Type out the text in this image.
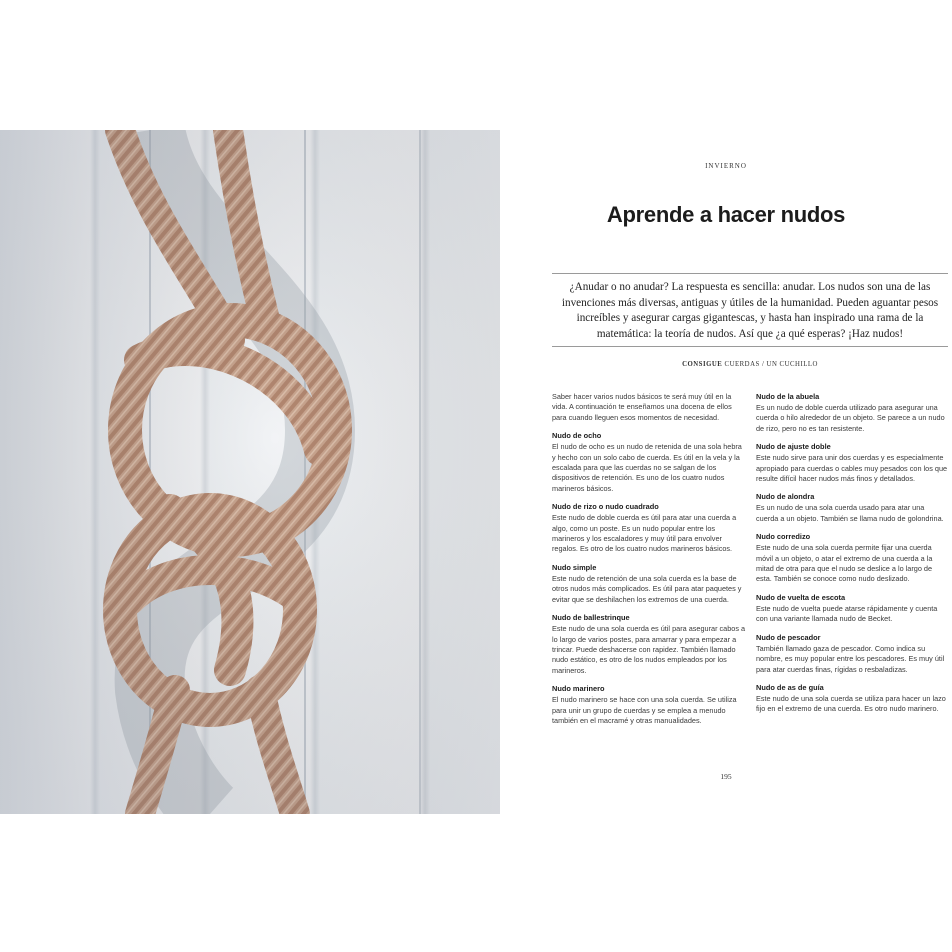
INVIERNO
Aprende a hacer nudos

¿Anudar o no anudar? La respuesta es sencilla: anudar. Los nudos son una de las invenciones más diversas, antiguas y útiles de la humanidad. Pueden aguantar pesos increíbles y asegurar cargas gigantescas, y hasta han inspirado una rama de la matemática: la teoría de nudos. Así que ¿a qué esperas? ¡Haz nudos!

CONSIGUE CUERDAS / UN CUCHILLO

Saber hacer varios nudos básicos te será muy útil en la vida. A continuación te enseñamos una docena de ellos para cuando lleguen esos momentos de necesidad.

Nudo de ocho

El nudo de ocho es un nudo de retenida de una sola hebra y hecho con un solo cabo de cuerda. Es útil en la vela y la escalada para que las cuerdas no se salgan de los dispositivos de retención. Es uno de los cuatro nudos marineros básicos.

Nudo de rizo o nudo cuadrado

Este nudo de doble cuerda es útil para atar una cuerda a algo, como un poste. Es un nudo popular entre los marineros y los escaladores y muy útil para envolver regalos. Es otro de los cuatro nudos marineros básicos.

Nudo simple

Este nudo de retención de una sola cuerda es la base de otros nudos más complicados. Es útil para atar paquetes y evitar que se deshilachen los extremos de una cuerda.

Nudo de ballestrinque

Este nudo de una sola cuerda es útil para asegurar cabos a lo largo de varios postes, para amarrar y para empezar a trincar. Puede deshacerse con rapidez. También llamado nudo estático, es otro de los nudos empleados por los marineros.

Nudo marinero

El nudo marinero se hace con una sola cuerda. Se utiliza para unir un grupo de cuerdas y se emplea a menudo también en el macramé y otras manualidades.

Nudo de la abuela

Es un nudo de doble cuerda utilizado para asegurar una cuerda o hilo alrededor de un objeto. Se parece a un nudo de rizo, pero no es tan resistente.

Nudo de ajuste doble

Este nudo sirve para unir dos cuerdas y es especialmente apropiado para cuerdas o cables muy pesados con los que resulte difícil hacer nudos más finos y detallados.

Nudo de alondra

Es un nudo de una sola cuerda usado para atar una cuerda a un objeto. También se llama nudo de golondrina.

Nudo corredizo

Este nudo de una sola cuerda permite fijar una cuerda móvil a un objeto, o atar el extremo de una cuerda a la mitad de otra para que el nudo se deslice a lo largo de esta. También se conoce como nudo deslizado.

Nudo de vuelta de escota

Este nudo de vuelta puede atarse rápidamente y cuenta con una variante llamada nudo de Becket.

Nudo de pescador

También llamado gaza de pescador. Como indica su nombre, es muy popular entre los pescadores. Es muy útil para atar cuerdas finas, rígidas o resbaladizas.

Nudo de as de guía

Este nudo de una sola cuerda se utiliza para hacer un lazo fijo en el extremo de una cuerda. Es otro nudo marinero.

195
